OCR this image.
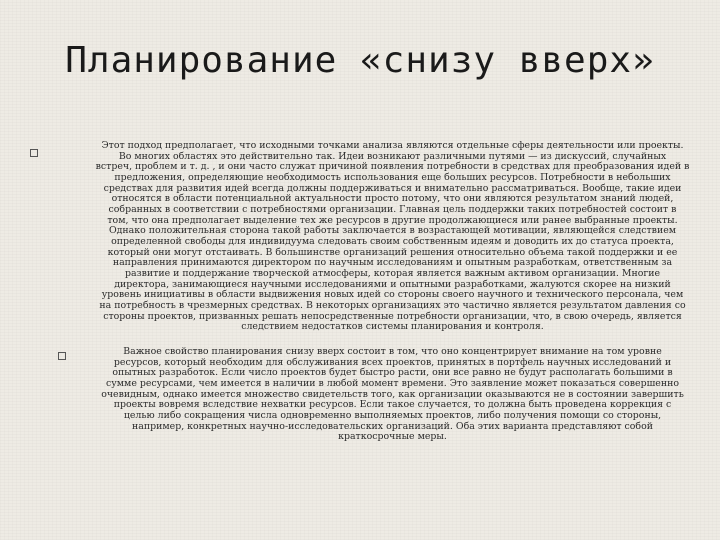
Планирование «снизу вверх»
Этот подход предполагает, что исходными точками анализа являются отдельные сферы деятельности или проекты.
Во многих областях это действительно так. Идеи возникают различными путями — из дискуссий, случайных
встреч, проблем и т. д. , и они часто служат причиной появления потребности в средствах для преобразования идей в
предложения, определяющие необходимость использования еще больших ресурсов. Потребности в небольших
средствах для развития идей всегда должны поддерживаться и внимательно рассматриваться. Вообще, такие идеи
относятся в области потенциальной актуальности просто потому, что они являются результатом знаний людей,
собранных в соответствии с потребностями организации. Главная цель поддержки таких потребностей состоит в
том, что она предполагает выделение тех же ресурсов в другие продолжающиеся или ранее выбранные проекты.
Однако положительная сторона такой работы заключается в возрастающей мотивации, являющейся следствием
определенной свободы для индивидуума следовать своим собственным идеям и доводить их до статуса проекта,
который они могут отстаивать. В большинстве организаций решения относительно объема такой поддержки и ее
направления принимаются директором по научным исследованиям и опытным разработкам, ответственным за
развитие и поддержание творческой атмосферы, которая является важным активом организации. Многие
директора, занимающиеся научными исследованиями и опытными разработками, жалуются скорее на низкий
уровень инициативы в области выдвижения новых идей со стороны своего научного и технического персонала, чем
на потребность в чрезмерных средствах. В некоторых организациях это частично является результатом давления со
стороны проектов, призванных решать непосредственные потребности организации, что, в свою очередь, является
следствием недостатков системы планирования и контроля.
Важное свойство планирования снизу вверх состоит в том, что оно концентрирует внимание на том уровне
ресурсов, который необходим для обслуживания всех проектов, принятых в портфель научных исследований и
опытных разработок. Если число проектов будет быстро расти, они все равно не будут располагать большими в
сумме ресурсами, чем имеется в наличии в любой момент времени. Это заявление может показаться совершенно
очевидным, однако имеется множество свидетельств того, как организации оказываются не в состоянии завершить
проекты вовремя вследствие нехватки ресурсов. Если такое случается, то должна быть проведена коррекция с
целью либо сокращения числа одновременно выполняемых проектов, либо получения помощи со стороны,
например, конкретных научно-исследовательских организаций. Оба этих варианта представляют собой
краткосрочные меры.
